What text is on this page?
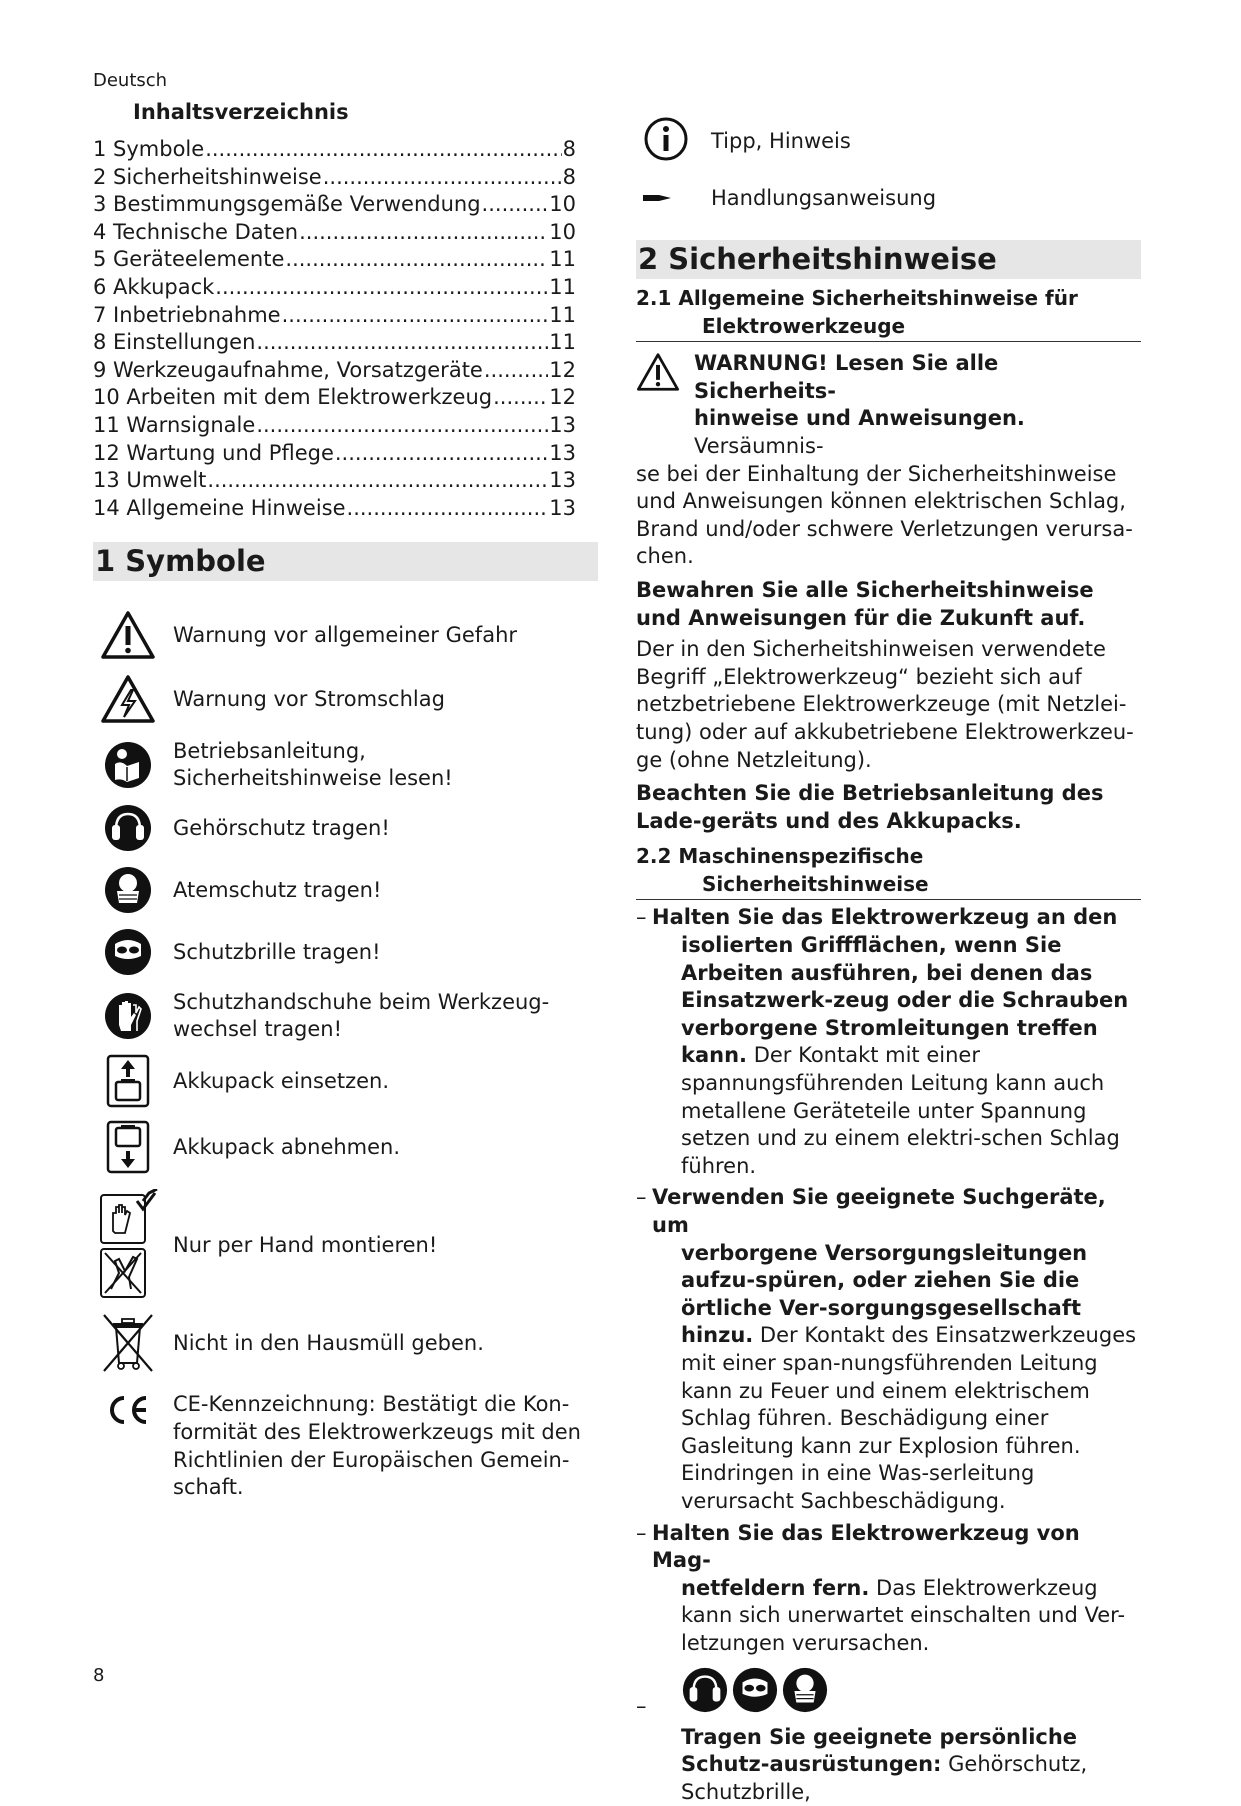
Deutsch
Inhaltsverzeichnis
1 Symbole .....	8
2 Sicherheitshinweise .....	8
3 Bestimmungsgemäße Verwendung .....	10
4 Technische Daten .....	10
5 Geräteelemente .....	11
6 Akkupack .....	11
7 Inbetriebnahme .....	11
8 Einstellungen .....	11
9 Werkzeugaufnahme, Vorsatzgeräte .....	12
10 Arbeiten mit dem Elektrowerkzeug .....	12
11 Warnsignale .....	13
12 Wartung und Pflege .....	13
13 Umwelt .....	13
14 Allgemeine Hinweise .....	13
1 Symbole
Warnung vor allgemeiner Gefahr
Warnung vor Stromschlag
Betriebsanleitung, Sicherheitshinweise lesen!
Gehörschutz tragen!
Atemschutz tragen!
Schutzbrille tragen!
Schutzhandschuhe beim Werkzeug-wechsel tragen!
Akkupack einsetzen.
Akkupack abnehmen.
Nur per Hand montieren!
Nicht in den Hausmüll geben.
CE-Kennzeichnung: Bestätigt die Kon-formität des Elektrowerkzeugs mit den Richtlinien der Europäischen Gemein-schaft.
Tipp, Hinweis
Handlungsanweisung
2 Sicherheitshinweise
2.1 Allgemeine Sicherheitshinweise für
Elektrowerkzeuge
WARNUNG! Lesen Sie alle Sicherheits-
hinweise und Anweisungen. Versäumnis-
se bei der Einhaltung der Sicherheitshinweise und Anweisungen können elektrischen Schlag, Brand und/oder schwere Verletzungen verursa-chen.
Bewahren Sie alle Sicherheitshinweise und Anweisungen für die Zukunft auf.
Der in den Sicherheitshinweisen verwendete Begriff „Elektrowerkzeug“ bezieht sich auf netzbetriebene Elektrowerkzeuge (mit Netzlei-tung) oder auf akkubetriebene Elektrowerkzeu-ge (ohne Netzleitung).
Beachten Sie die Betriebsanleitung des Lade-geräts und des Akkupacks.
2.2 Maschinenspezifische
Sicherheitshinweise
– Halten Sie das Elektrowerkzeug an den
isolierten Griffflächen, wenn Sie Arbeiten ausführen, bei denen das Einsatzwerk-zeug oder die Schrauben verborgene Stromleitungen treffen kann. Der Kontakt mit einer spannungsführenden Leitung kann auch metallene Geräteteile unter Spannung setzen und zu einem elektri-schen Schlag führen.
– Verwenden Sie geeignete Suchgeräte, um
verborgene Versorgungsleitungen aufzu-spüren, oder ziehen Sie die örtliche Ver-sorgungsgesellschaft hinzu. Der Kontakt des Einsatzwerkzeuges mit einer span-nungsführenden Leitung kann zu Feuer und einem elektrischem Schlag führen. Beschädigung einer Gasleitung kann zur Explosion führen. Eindringen in eine Was-serleitung verursacht Sachbeschädigung.
– Halten Sie das Elektrowerkzeug von Mag-
netfeldern fern. Das Elektrowerkzeug kann sich unerwartet einschalten und Ver-letzungen verursachen.
–
Tragen Sie geeignete persönliche Schutz-ausrüstungen: Gehörschutz, Schutzbrille,
8
